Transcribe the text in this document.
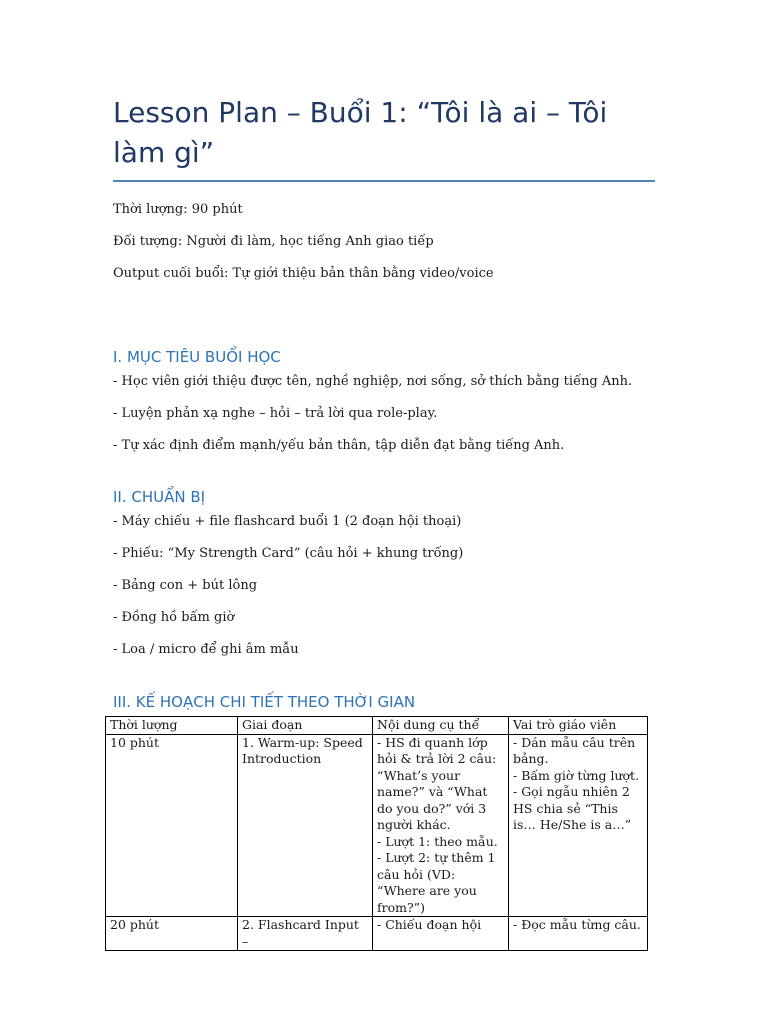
Lesson Plan – Buổi 1: “Tôi là ai – Tôi làm gì”
Thời lượng: 90 phút
Đối tượng: Người đi làm, học tiếng Anh giao tiếp
Output cuối buổi: Tự giới thiệu bản thân bằng video/voice
I. MỤC TIÊU BUỔI HỌC
- Học viên giới thiệu được tên, nghề nghiệp, nơi sống, sở thích bằng tiếng Anh.
- Luyện phản xạ nghe – hỏi – trả lời qua role-play.
- Tự xác định điểm mạnh/yếu bản thân, tập diễn đạt bằng tiếng Anh.
II. CHUẨN BỊ
- Máy chiếu + file flashcard buổi 1 (2 đoạn hội thoại)
- Phiếu: “My Strength Card” (câu hỏi + khung trống)
- Bảng con + bút lông
- Đồng hồ bấm giờ
- Loa / micro để ghi âm mẫu
III. KẾ HOẠCH CHI TIẾT THEO THỜI GIAN
Thời lượng	Giai đoạn	Nội dung cụ thể	Vai trò giáo viên
10 phút	1. Warm-up: Speed Introduction	- HS đi quanh lớp hỏi & trả lời 2 câu: “What’s your name?” và “What do you do?” với 3 người khác.
- Lượt 1: theo mẫu.
- Lượt 2: tự thêm 1 câu hỏi (VD: “Where are you from?”)	- Dán mẫu câu trên bảng.
- Bấm giờ từng lượt.
- Gọi ngẫu nhiên 2 HS chia sẻ “This is… He/She is a…”
20 phút	2. Flashcard Input –	- Chiếu đoạn hội	- Đọc mẫu từng câu.
